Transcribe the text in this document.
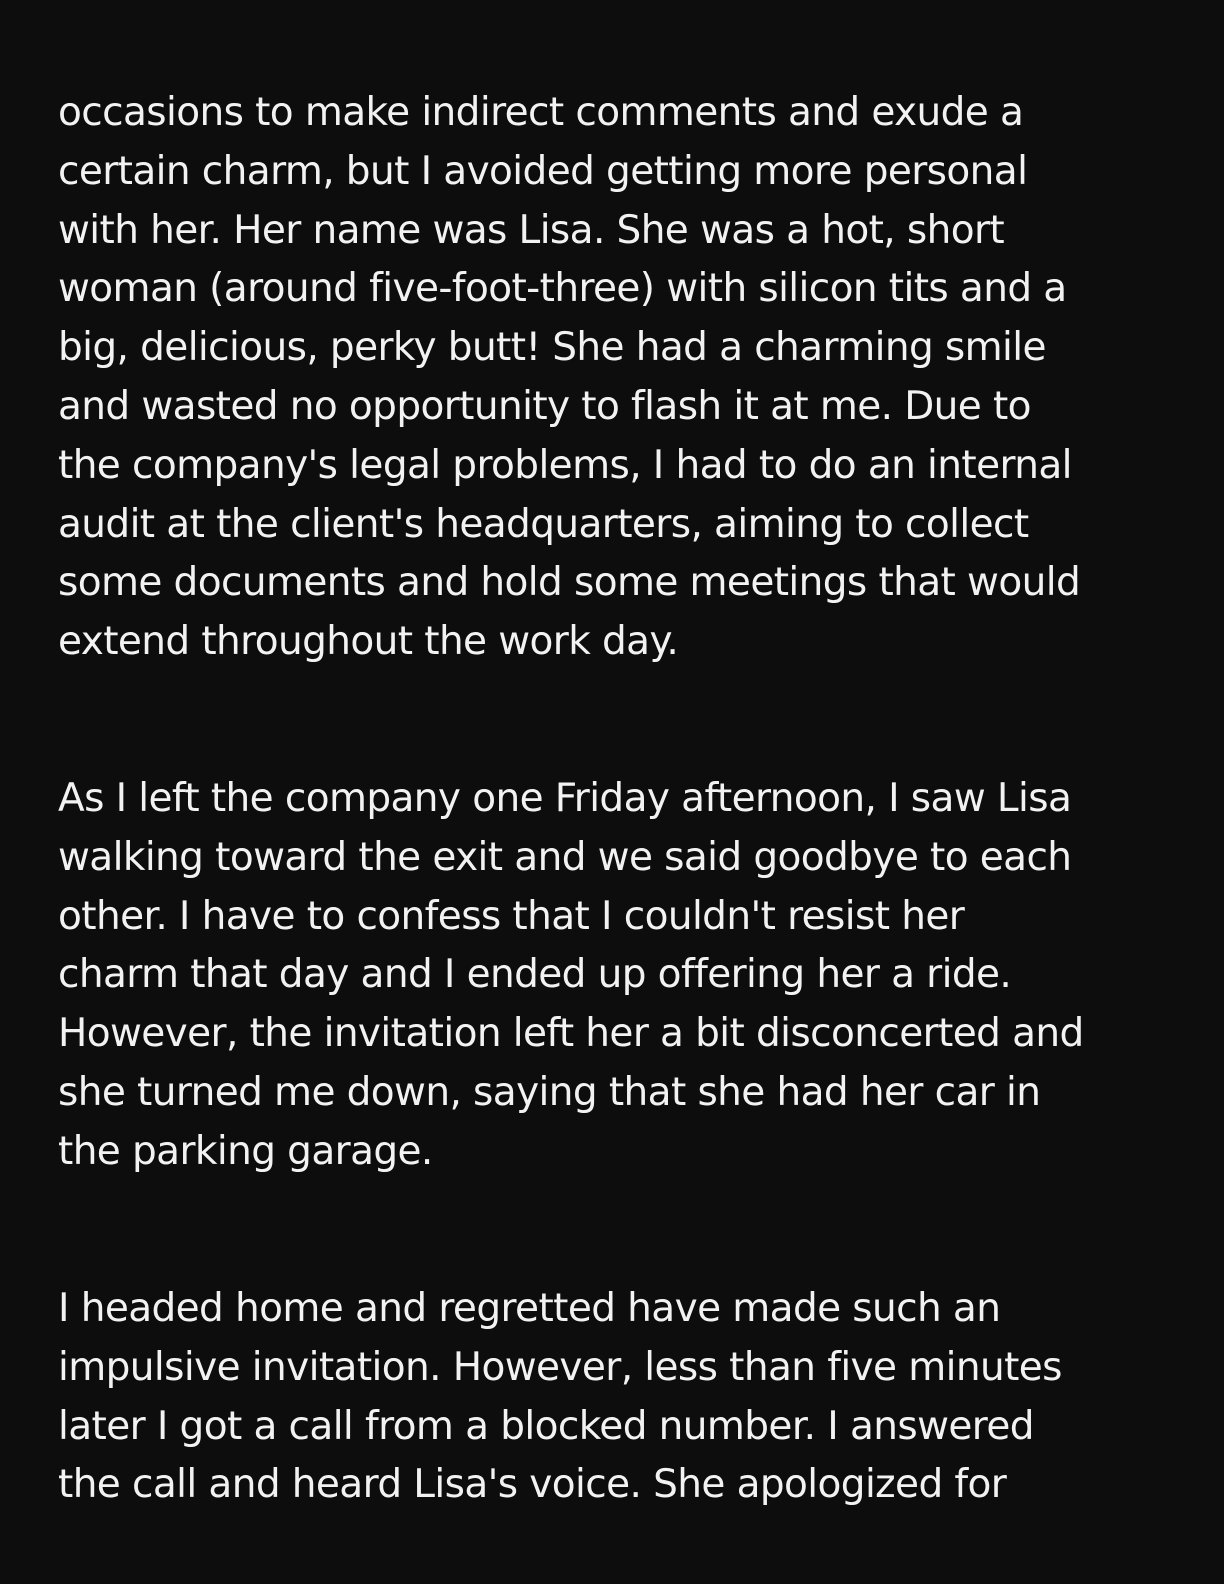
occasions to make indirect comments and exude a
certain charm, but I avoided getting more personal
with her. Her name was Lisa. She was a hot, short
woman (around five-foot-three) with silicon tits and a
big, delicious, perky butt! She had a charming smile
and wasted no opportunity to flash it at me. Due to
the company's legal problems, I had to do an internal
audit at the client's headquarters, aiming to collect
some documents and hold some meetings that would
extend throughout the work day.

As I left the company one Friday afternoon, I saw Lisa
walking toward the exit and we said goodbye to each
other. I have to confess that I couldn't resist her
charm that day and I ended up offering her a ride.
However, the invitation left her a bit disconcerted and
she turned me down, saying that she had her car in
the parking garage.

I headed home and regretted have made such an
impulsive invitation. However, less than five minutes
later I got a call from a blocked number. I answered
the call and heard Lisa's voice. She apologized for
